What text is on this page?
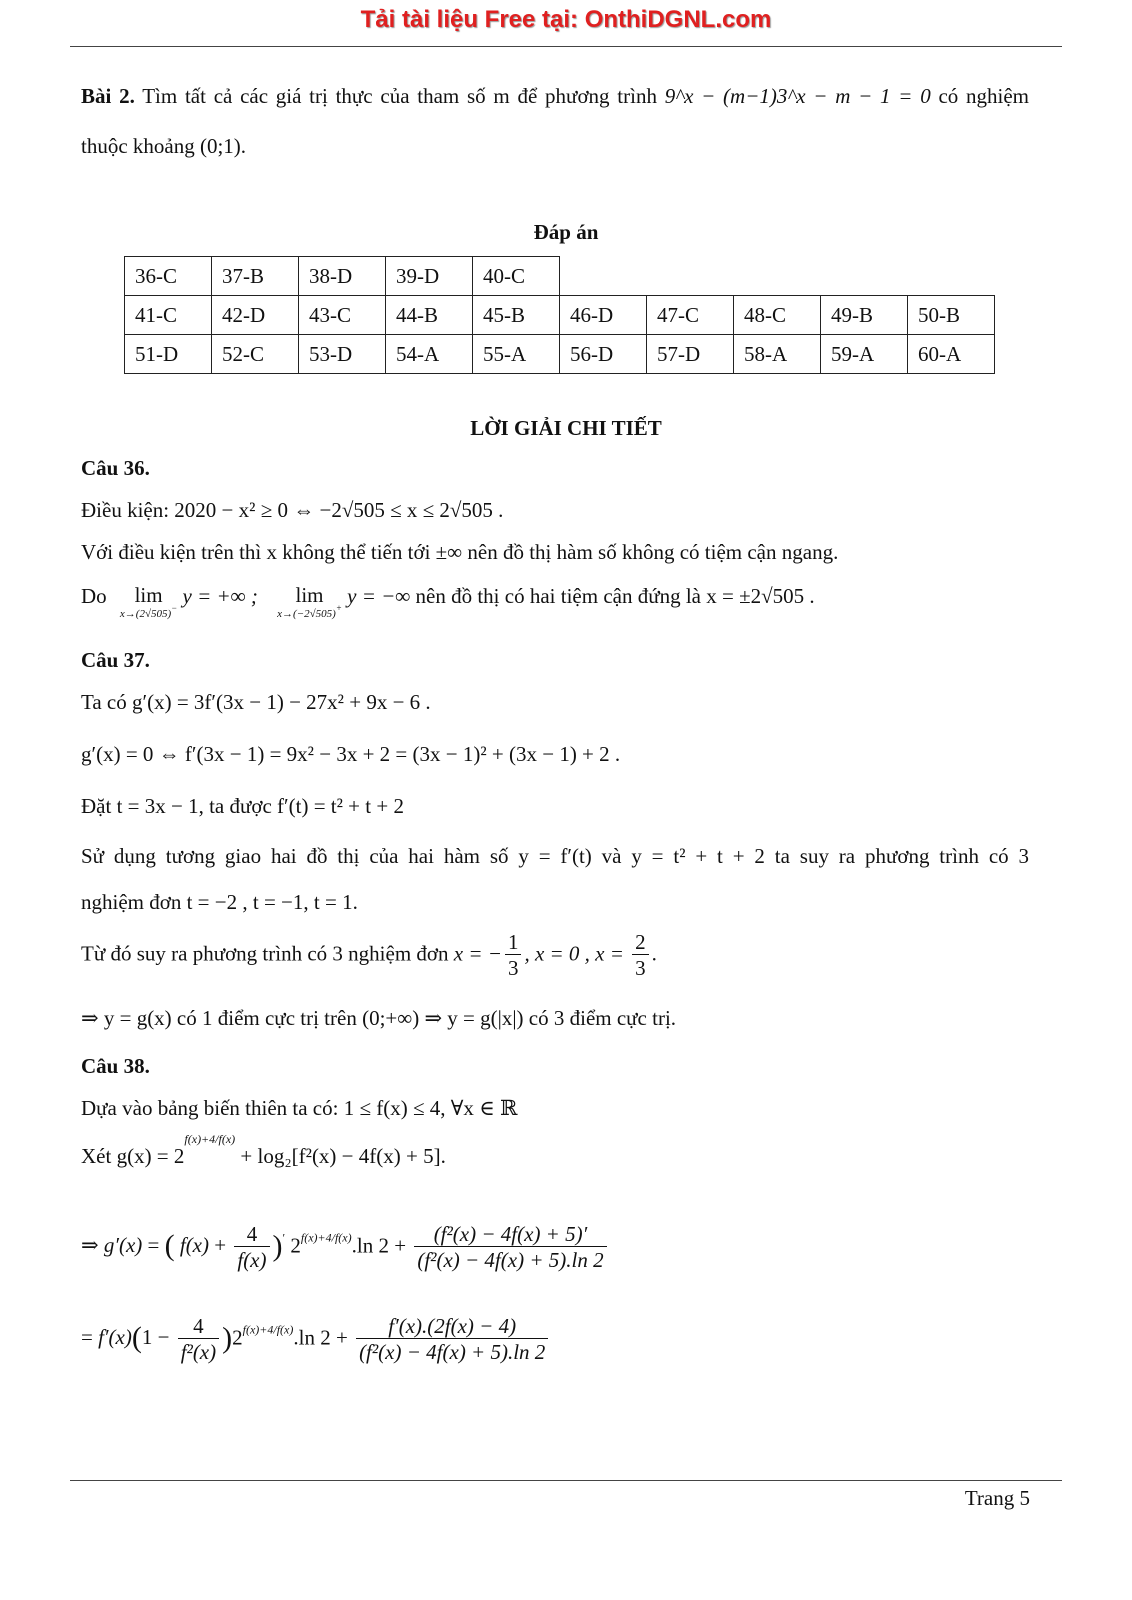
Tải tài liệu Free tại: OnthiDGNL.com
Bài 2. Tìm tất cả các giá trị thực của tham số m để phương trình 9^x − (m−1)3^x − m − 1 = 0 có nghiệm
thuộc khoảng (0;1).
Đáp án
36-C	37-B	38-D	39-D	40-C					
41-C	42-D	43-C	44-B	45-B	46-D	47-C	48-C	49-B	50-B
51-D	52-C	53-D	54-A	55-A	56-D	57-D	58-A	59-A	60-A
LỜI GIẢI CHI TIẾT
Câu 36.
Điều kiện: 2020 − x² ≥ 0 ⇔ −2√505 ≤ x ≤ 2√505 .
Với điều kiện trên thì x không thể tiến tới ±∞ nên đồ thị hàm số không có tiệm cận ngang.
Do lim
x→(2√505)− y = +∞ ; lim
x→(−2√505)+ y = −∞ nên đồ thị có hai tiệm cận đứng là x = ±2√505 .
Câu 37.
Ta có g′(x) = 3f′(3x − 1) − 27x² + 9x − 6 .
g′(x) = 0 ⇔ f′(3x − 1) = 9x² − 3x + 2 = (3x − 1)² + (3x − 1) + 2 .
Đặt t = 3x − 1, ta được f′(t) = t² + t + 2
Sử dụng tương giao hai đồ thị của hai hàm số y = f′(t) và y = t² + t + 2 ta suy ra phương trình có 3
nghiệm đơn t = −2 , t = −1, t = 1.
Từ đó suy ra phương trình có 3 nghiệm đơn x = − $\frac{1}{3}$ , x = 0 , $x = \frac{2}{3}$ .
⇒ y = g(x) có 1 điểm cực trị trên (0;+∞) ⇒ y = g(|x|) có 3 điểm cực trị.
Câu 38.
Dựa vào bảng biến thiên ta có: 1 ≤ f(x) ≤ 4, ∀x ∈ ℝ
Xét $g(x) = 2^{f(x)+4/f(x)} + \log_2[f^2(x) - 4f(x) + 5]$.
⇒ g′(x) = ( $f(x) + \frac{4}{f(x)} )'$ $2^{f(x)+4/f(x)}.\ln$ $2 + \frac{\text{(f²(x) − 4f(x) + 5)′}}{\text{(f²(x) − 4f(x) + 5).ln 2}}$
= $f'(x)(1 - \frac{4}{\text{f²(x)}} )2^{f(x)+4/f(x)}.\ln$ $2 + \frac{f'(x).(2f(x) - 4)}{\text{(f²(x) − 4f(x) + 5).ln 2}}$
Trang 5
